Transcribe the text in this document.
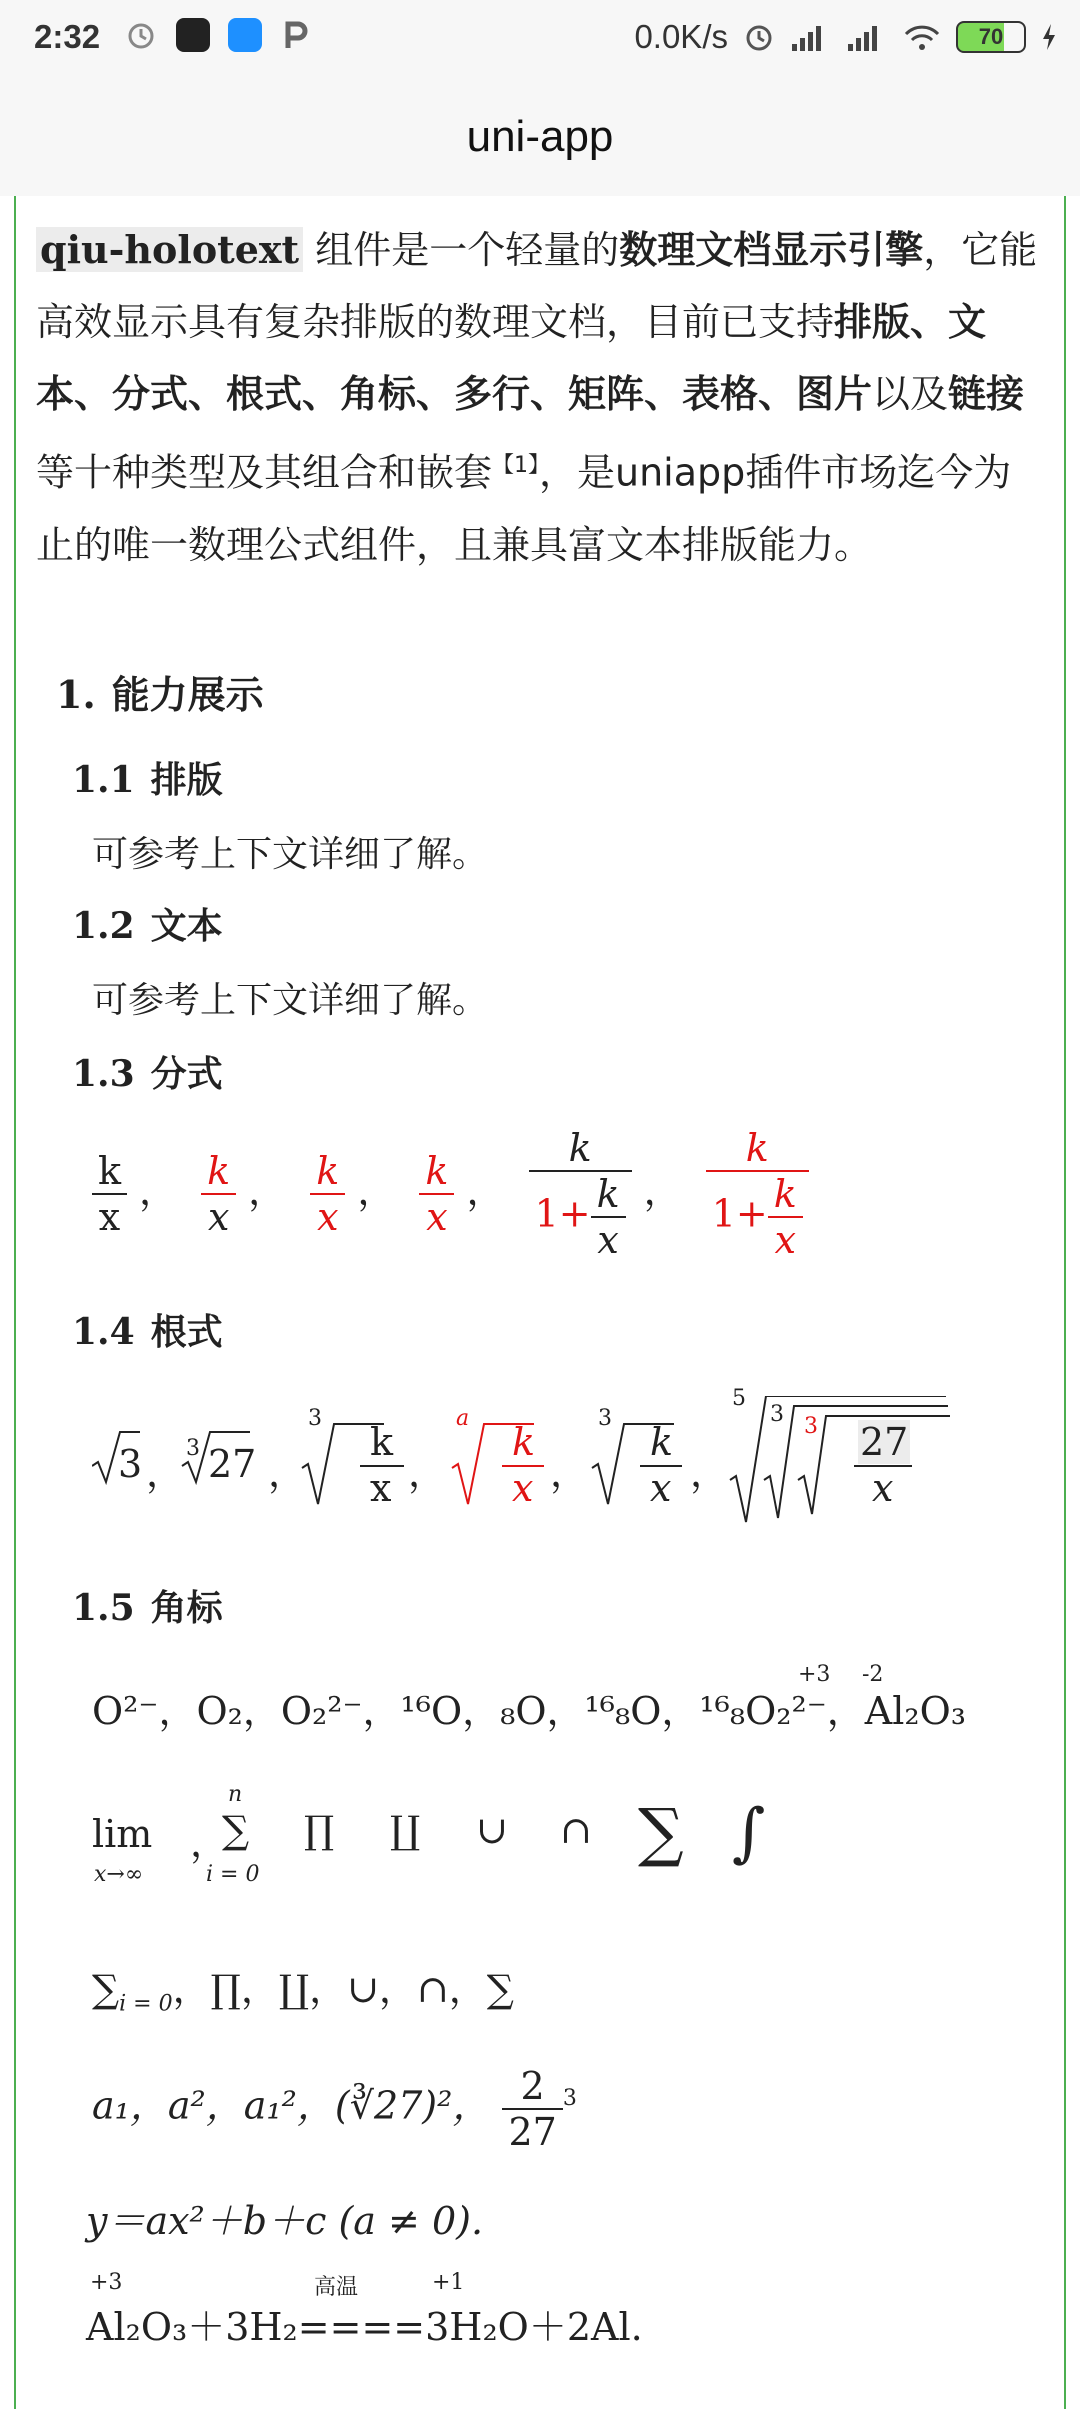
2:32	0.0K/s	70
uni-app
qiu-holotext 组件是一个轻量的数理文档显示引擎，它能高效显示具有复杂排版的数理文档，目前已支持排版、文本、分式、根式、角标、多行、矩阵、表格、图片以及链接等十种类型及其组合和嵌套$^{【1】}$，是uniapp插件市场迄今为止的唯一数理公式组件，且兼具富文本排版能力。
1. 能力展示
1.1 排版
可参考上下文详细了解。
1.2 文本
可参考上下文详细了解。
1.3 分式
$\frac{k}{x}$ ， $\frac{k}{x}$ ， $\frac{k}{x}$ ， $\frac{k}{x}$ ， $\frac{k}{1+ \frac{k}{x}}$ ， $\frac{k}{1+ \frac{k}{x}}$
1.4 根式
3 ，
3 27 ，
3
k
x ，
a
k
x ，
3
k
x ，
5
3 3 27
x
1.5 角标
O²⁻，O₂，O₂²⁻，¹⁶O，₈O，¹⁶₈O，¹⁶₈O₂²⁻，Al₂O₃
+3 -2
lim
x→∞
，
∑ ∏ ∐ ∪ ∩ ∑ ∫
n
i = 0
$\sum_{i = 0}$，∏，∐，∪，∩，∑
a₁，a²，a₁²，(∛27)²， $\frac{2}{27} ^3$
y＝ax²＋b＋c (a ≠ 0).
Al₂O₃＋3H₂====3H₂O＋2Al.
+3	高温	+1
